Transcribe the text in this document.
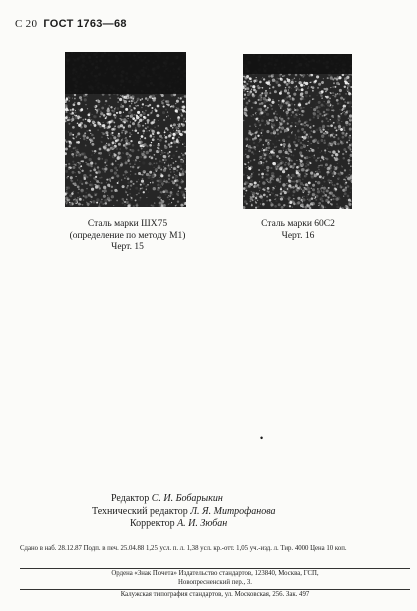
С 20 ГОСТ 1763—68
Сталь марки ШХ75
(определение по методу М1)
Черт. 15
Сталь марки 60С2
Черт. 16
•
Редактор С. И. Бобарыкин
Технический редактор Л. Я. Митрофанова
Корректор А. И. Зюбан
Сдано в наб. 28.12.87 Подп. в печ. 25.04.88 1,25 усл. п. л. 1,38 усл. кр.-отт. 1,05 уч.-изд. л. Тир. 4000 Цена 10 коп.
Ордена «Знак Почета» Издательство стандартов, 123840, Москва, ГСП,
Новопресненский пер., 3.
Калужская типография стандартов, ул. Московская, 256. Зак. 497
